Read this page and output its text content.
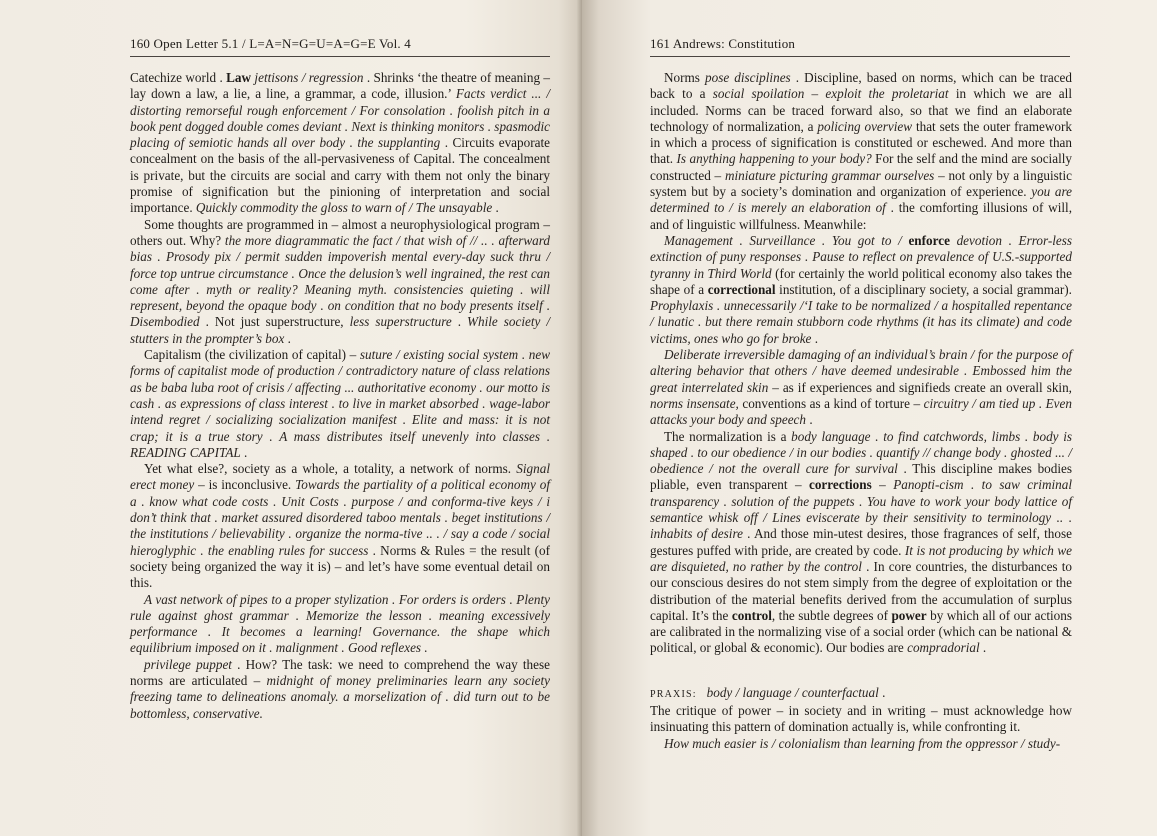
160 Open Letter 5.1 / L=A=N=G=U=A=G=E Vol. 4

Catechize world . Law jettisons / regression . Shrinks ‘the theatre of meaning – lay down a law, a lie, a line, a grammar, a code, illusion.’ Facts verdict ... / distorting remorseful rough enforcement / For consolation . foolish pitch in a book pent dogged double comes deviant . Next is thinking monitors . spasmodic placing of semiotic hands all over body . the supplanting . Circuits evaporate concealment on the basis of the all-pervasiveness of Capital. The concealment is private, but the circuits are social and carry with them not only the binary promise of signification but the pinioning of interpretation and social importance. Quickly commodity the gloss to warn of / The unsayable .

Some thoughts are programmed in – almost a neurophysiological program – others out. Why? the more diagrammatic the fact / that wish of // .. . afterward bias . Prosody pix / permit sudden impoverish mental every-day suck thru / force top untrue circumstance . Once the delusion’s well ingrained, the rest can come after . myth or reality? Meaning myth. consistencies quieting . will represent, beyond the opaque body . on condition that no body presents itself . Disembodied . Not just superstructure, less superstructure . While society / stutters in the prompter’s box .

Capitalism (the civilization of capital) – suture / existing social system . new forms of capitalist mode of production / contradictory nature of class relations as be baba luba root of crisis / affecting ... authoritative economy . our motto is cash . as expressions of class interest . to live in market absorbed . wage-labor intend regret / socializing socialization manifest . Elite and mass: it is not crap; it is a true story . A mass distributes itself unevenly into classes . READING CAPITAL .

Yet what else?, society as a whole, a totality, a network of norms. Signal erect money – is inconclusive. Towards the partiality of a political economy of a . know what code costs . Unit Costs . purpose / and conforma-tive keys / i don’t think that . market assured disordered taboo mentals . beget institutions / the institutions / believability . organize the norma-tive .. . / say a code / social hieroglyphic . the enabling rules for success . Norms & Rules = the result (of society being organized the way it is) – and let’s have some eventual detail on this.

A vast network of pipes to a proper stylization . For orders is orders . Plenty rule against ghost grammar . Memorize the lesson . meaning excessively performance . It becomes a learning! Governance. the shape which equilibrium imposed on it . malignment . Good reflexes .

privilege puppet . How? The task: we need to comprehend the way these norms are articulated – midnight of money preliminaries learn any society freezing tame to delineations anomaly. a morselization of . did turn out to be bottomless, conservative.

161 Andrews: Constitution

Norms pose disciplines . Discipline, based on norms, which can be traced back to a social spoilation – exploit the proletariat in which we are all included. Norms can be traced forward also, so that we find an elaborate technology of normalization, a policing overview that sets the outer framework in which a process of signification is constituted or eschewed. And more than that. Is anything happening to your body? For the self and the mind are socially constructed – miniature picturing grammar ourselves – not only by a linguistic system but by a society’s domination and organization of experience. you are determined to / is merely an elaboration of . the comforting illusions of will, and of linguistic willfulness. Meanwhile:

Management . Surveillance . You got to / enforce devotion . Error-less extinction of puny responses . Pause to reflect on prevalence of U.S.-supported tyranny in Third World (for certainly the world political economy also takes the shape of a correctional institution, of a disciplinary society, a social grammar). Prophylaxis . unnecessarily /‘I take to be normalized / a hospitalled repentance / lunatic . but there remain stubborn code rhythms (it has its climate) and code victims, ones who go for broke .

Deliberate irreversible damaging of an individual’s brain / for the purpose of altering behavior that others / have deemed undesirable . Embossed him the great interrelated skin – as if experiences and signifieds create an overall skin, norms insensate, conventions as a kind of torture – circuitry / am tied up . Even attacks your body and speech .

The normalization is a body language . to find catchwords, limbs . body is shaped . to our obedience / in our bodies . quantify // change body . ghosted ... / obedience / not the overall cure for survival . This discipline makes bodies pliable, even transparent – corrections – Panopti-cism . to saw criminal transparency . solution of the puppets . You have to work your body lattice of semantice whisk off / Lines eviscerate by their sensitivity to terminology .. . inhabits of desire . And those min-utest desires, those fragrances of self, those gestures puffed with pride, are created by code. It is not producing by which we are disquieted, no rather by the control . In core countries, the disturbances to our conscious desires do not stem simply from the degree of exploitation or the distribution of the material benefits derived from the accumulation of surplus capital. It’s the control, the subtle degrees of power by which all of our actions are calibrated in the normalizing vise of a social order (which can be national & political, or global & economic). Our bodies are compradorial .

PRAXIS: body / language / counterfactual .

The critique of power – in society and in writing – must acknowledge how insinuating this pattern of domination actually is, while confronting it.

How much easier is / colonialism than learning from the oppressor / study-
